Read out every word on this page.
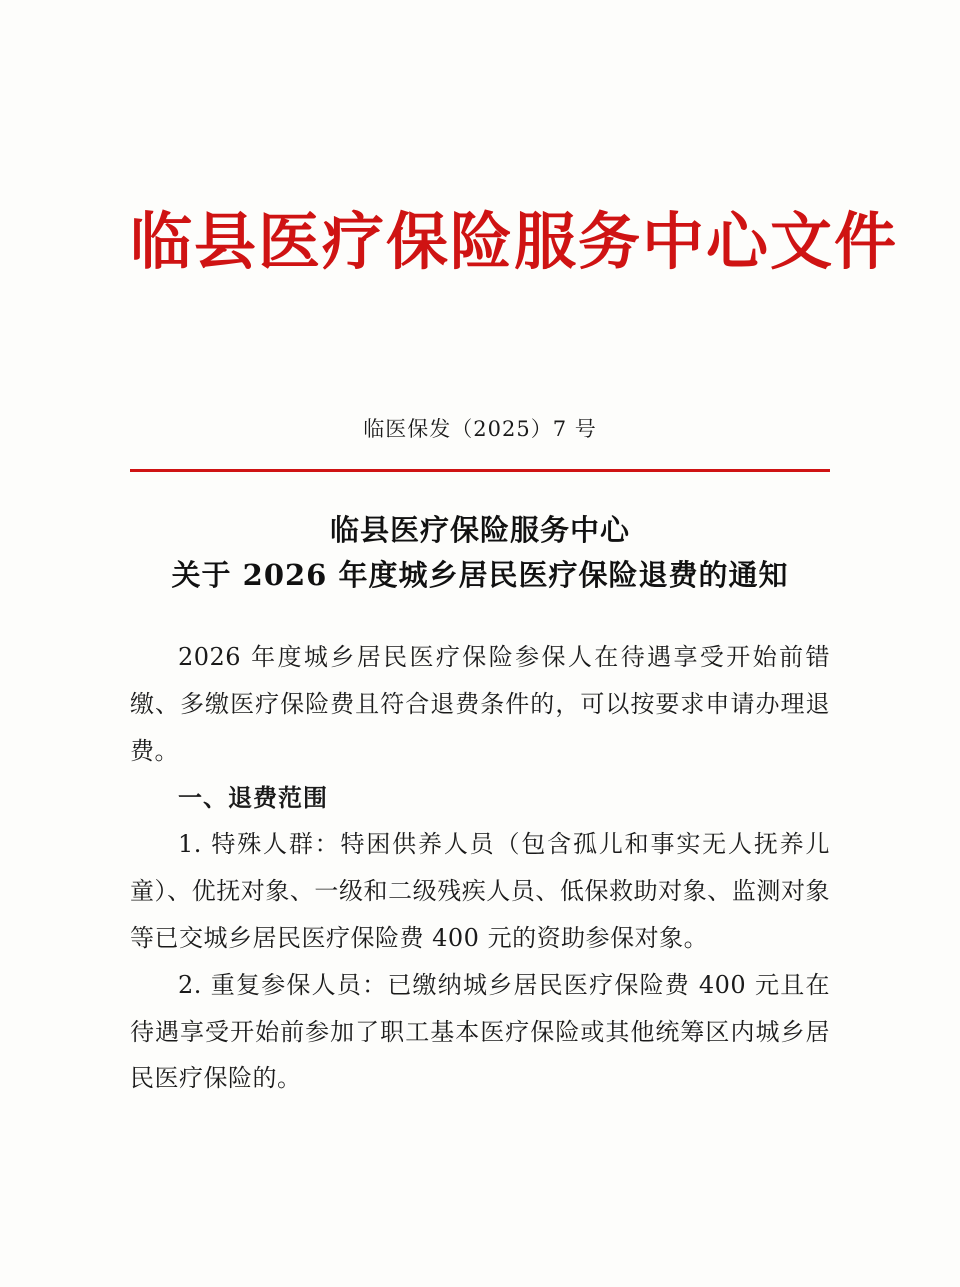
临县医疗保险服务中心文件
临医保发（2025）7 号
临县医疗保险服务中心
关于 2026 年度城乡居民医疗保险退费的通知

2026 年度城乡居民医疗保险参保人在待遇享受开始前错缴、多缴医疗保险费且符合退费条件的，可以按要求申请办理退费。

一、退费范围

1. 特殊人群：特困供养人员（包含孤儿和事实无人抚养儿童）、优抚对象、一级和二级残疾人员、低保救助对象、监测对象等已交城乡居民医疗保险费 400 元的资助参保对象。

2. 重复参保人员：已缴纳城乡居民医疗保险费 400 元且在待遇享受开始前参加了职工基本医疗保险或其他统筹区内城乡居民医疗保险的。
